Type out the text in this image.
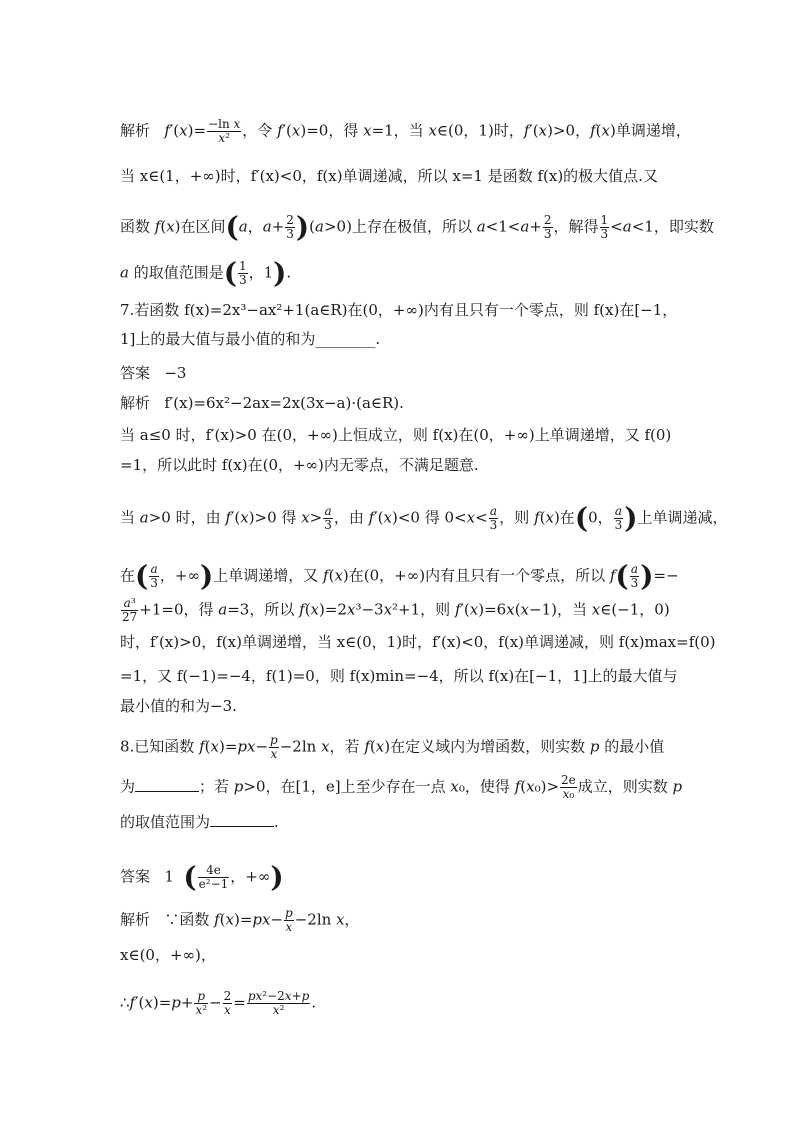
解析 $f'(x)= \frac{\text{−ln x}}{\text{x²}}$ ，令 f′(x)=0，得 x=1，当 x∈(0，1)时，f′(x)>0，f(x)单调递增，
当 x∈(1，+∞)时，f′(x)<0，f(x)单调递减，所以 x=1 是函数 f(x)的极大值点.又
函数 f(x)在区间(a，$a+ \frac{2}{3} )(a>0)$上存在极值，所以 $a<1<a+ \frac{2}{3}$ ，解得 $\frac{1}{3} <a<1$，即实数
a 的取值范围是( $\frac{1}{3}$ ，1).
7.若函数 f(x)=2x³−ax²+1(a∈R)在(0，+∞)内有且只有一个零点，则 f(x)在[−1，
1]上的最大值与最小值的和为________.
答案 −3
解析 f′(x)=6x²−2ax=2x(3x−a)·(a∈R).
当 a≤0 时，f′(x)>0 在(0，+∞)上恒成立，则 f(x)在(0，+∞)上单调递增，又 f(0)
=1，所以此时 f(x)在(0，+∞)内无零点，不满足题意.
当 a>0 时，由 f′(x)>0 得 $x> \frac{a}{3}$ ，由 f′(x)<0 得 $0<x< \frac{a}{3}$ ，则 f(x)在(0， $\frac{a}{3}$ )上单调递减，
在( $\frac{a}{3}$ ，+∞)上单调递增，又 f(x)在(0，+∞)内有且只有一个零点，所以 $f( \frac{a}{3}$ )=−
$\frac{\text{a³}}{27} +1=0$，得 a=3，所以 f(x)=2x³−3x²+1，则 f′(x)=6x(x−1)，当 x∈(−1，0)
时，f′(x)>0，f(x)单调递增，当 x∈(0，1)时，f′(x)<0，f(x)单调递减，则 f(x)max=f(0)
=1，又 f(−1)=−4，f(1)=0，则 f(x)min=−4，所以 f(x)在[−1，1]上的最大值与
最小值的和为−3.
8.已知函数 $f(x)=px- \frac{p}{x} -2\ln$ x，若 f(x)在定义域内为增函数，则实数 p 的最小值
为	；若 p>0，在[1，e]上至少存在一点 x₀，使得 $f(x_0)> \frac{2e}{\text{x₀}}$ 成立，则实数 p
的取值范围为	.
答案   1  ( $\frac{4e}{\text{e²−1}}$ ，+∞)
解析   ∵函数 $f(x)=px- \frac{p}{x} -2\ln$ x，
x∈(0，+∞)，
∴f′(x)=p+ $\frac{p}{\text{x²}} - \frac{2}{x} = \frac{\text{px²−2x+p}}{\text{x²}}$ .
